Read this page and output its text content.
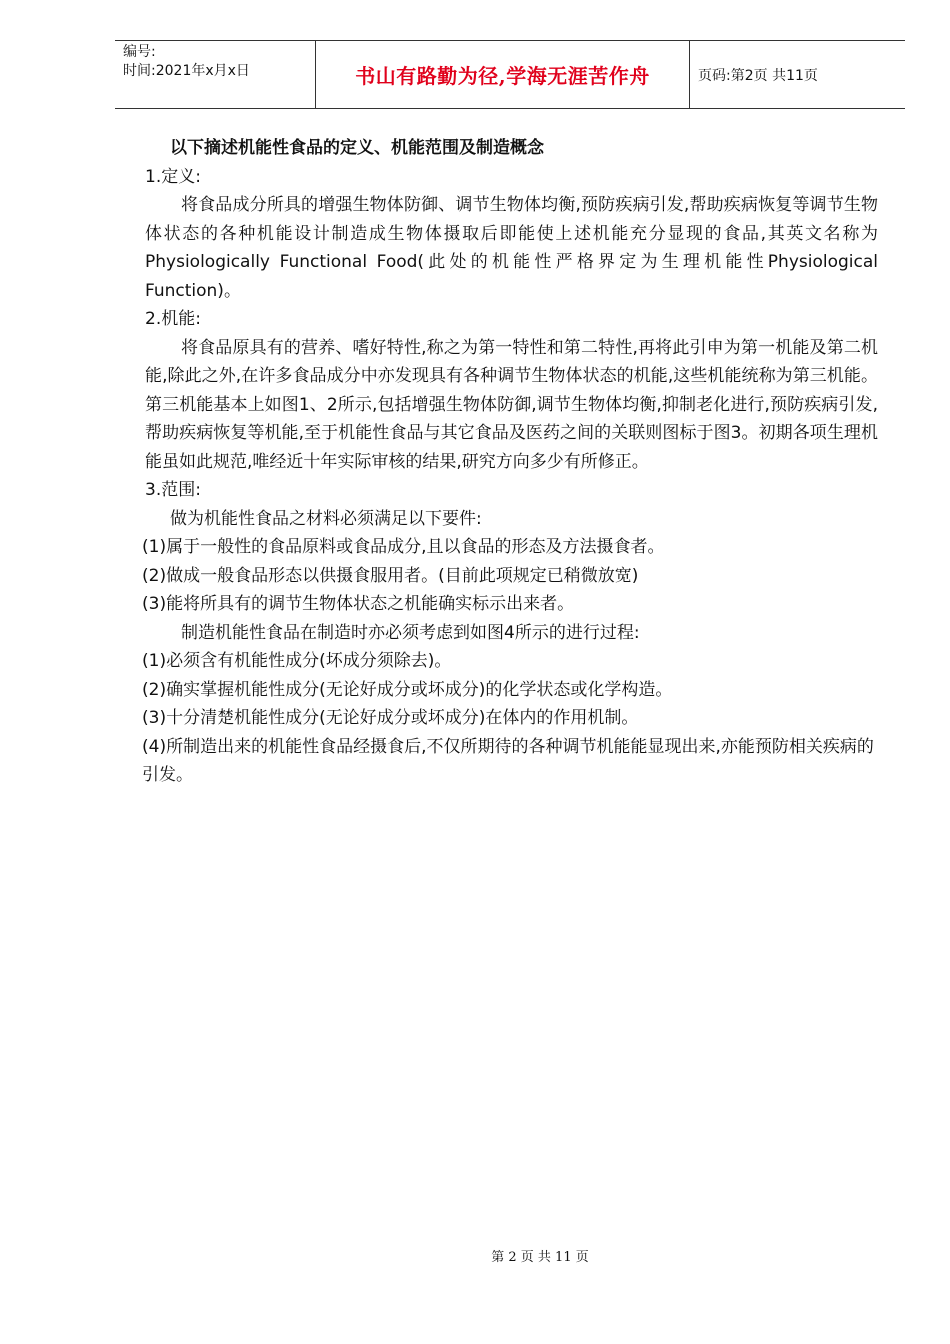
编号:
时间:2021年x月x日	书山有路勤为径,学海无涯苦作舟	页码:第2页 共11页

以下摘述机能性食品的定义、机能范围及制造概念

1.定义:

将食品成分所具的增强生物体防御、调节生物体均衡,预防疾病引发,帮助疾病恢复等调节生物体状态的各种机能设计制造成生物体摄取后即能使上述机能充分显现的食品,其英文名称为Physiologically Functional Food(此处的机能性严格界定为生理机能性Physiological Function)。

2.机能:

将食品原具有的营养、嗜好特性,称之为第一特性和第二特性,再将此引申为第一机能及第二机能,除此之外,在许多食品成分中亦发现具有各种调节生物体状态的机能,这些机能统称为第三机能。第三机能基本上如图1、2所示,包括增强生物体防御,调节生物体均衡,抑制老化进行,预防疾病引发,帮助疾病恢复等机能,至于机能性食品与其它食品及医药之间的关联则图标于图3。初期各项生理机能虽如此规范,唯经近十年实际审核的结果,研究方向多少有所修正。

3.范围:

做为机能性食品之材料必须满足以下要件:

(1)属于一般性的食品原料或食品成分,且以食品的形态及方法摄食者。

(2)做成一般食品形态以供摄食服用者。(目前此项规定已稍微放宽)

(3)能将所具有的调节生物体状态之机能确实标示出来者。

制造机能性食品在制造时亦必须考虑到如图4所示的进行过程:

(1)必须含有机能性成分(坏成分须除去)。

(2)确实掌握机能性成分(无论好成分或坏成分)的化学状态或化学构造。

(3)十分清楚机能性成分(无论好成分或坏成分)在体内的作用机制。

(4)所制造出来的机能性食品经摄食后,不仅所期待的各种调节机能能显现出来,亦能预防相关疾病的引发。

第 2 页 共 11 页
